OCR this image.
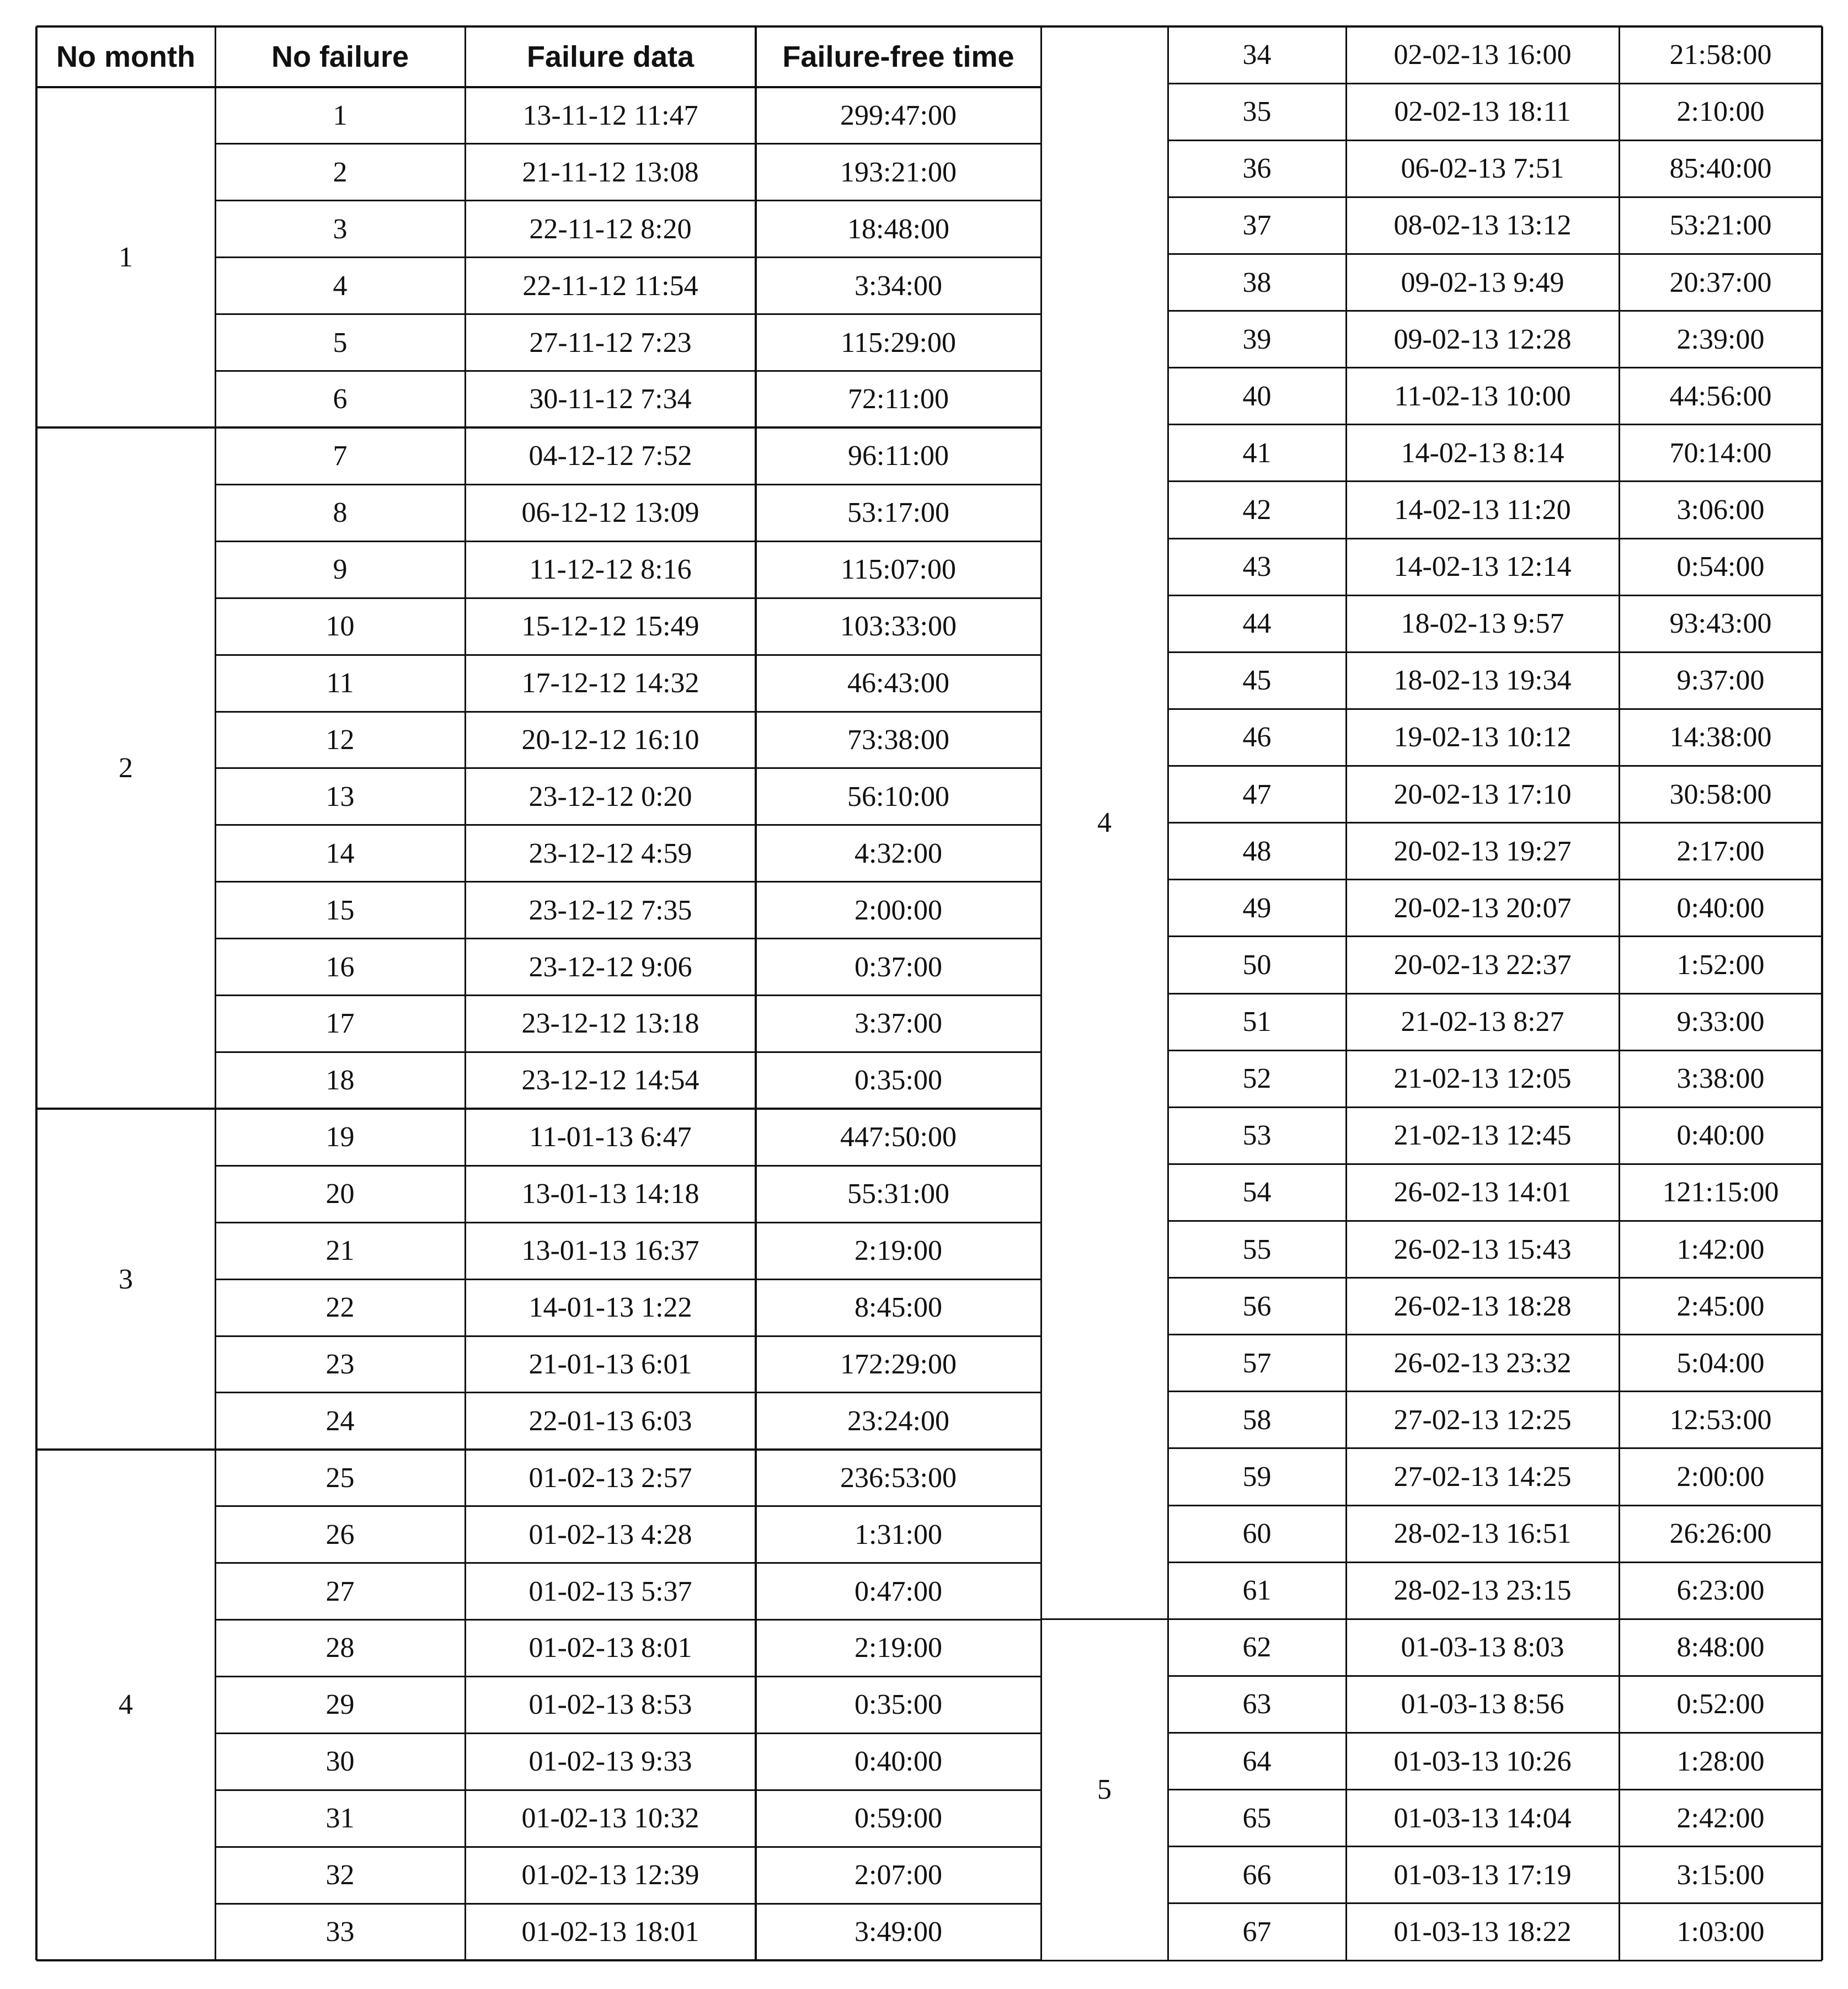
No month	No failure	Failure data	Failure-free time
1
1	13-11-12 11:47	299:47:00
2	21-11-12 13:08	193:21:00
3	22-11-12 8:20	18:48:00
4	22-11-12 11:54	3:34:00
5	27-11-12 7:23	115:29:00
6	30-11-12 7:34	72:11:00
2
7	04-12-12 7:52	96:11:00
8	06-12-12 13:09	53:17:00
9	11-12-12 8:16	115:07:00
10	15-12-12 15:49	103:33:00
11	17-12-12 14:32	46:43:00
12	20-12-12 16:10	73:38:00
13	23-12-12 0:20	56:10:00
14	23-12-12 4:59	4:32:00
15	23-12-12 7:35	2:00:00
16	23-12-12 9:06	0:37:00
17	23-12-12 13:18	3:37:00
18	23-12-12 14:54	0:35:00
3
19	11-01-13 6:47	447:50:00
20	13-01-13 14:18	55:31:00
21	13-01-13 16:37	2:19:00
22	14-01-13 1:22	8:45:00
23	21-01-13 6:01	172:29:00
24	22-01-13 6:03	23:24:00
4
25	01-02-13 2:57	236:53:00
26	01-02-13 4:28	1:31:00
27	01-02-13 5:37	0:47:00
28	01-02-13 8:01	2:19:00
29	01-02-13 8:53	0:35:00
30	01-02-13 9:33	0:40:00
31	01-02-13 10:32	0:59:00
32	01-02-13 12:39	2:07:00
33	01-02-13 18:01	3:49:00
4
34	02-02-13 16:00	21:58:00
35	02-02-13 18:11	2:10:00
36	06-02-13 7:51	85:40:00
37	08-02-13 13:12	53:21:00
38	09-02-13 9:49	20:37:00
39	09-02-13 12:28	2:39:00
40	11-02-13 10:00	44:56:00
41	14-02-13 8:14	70:14:00
42	14-02-13 11:20	3:06:00
43	14-02-13 12:14	0:54:00
44	18-02-13 9:57	93:43:00
45	18-02-13 19:34	9:37:00
46	19-02-13 10:12	14:38:00
47	20-02-13 17:10	30:58:00
48	20-02-13 19:27	2:17:00
49	20-02-13 20:07	0:40:00
50	20-02-13 22:37	1:52:00
51	21-02-13 8:27	9:33:00
52	21-02-13 12:05	3:38:00
53	21-02-13 12:45	0:40:00
54	26-02-13 14:01	121:15:00
55	26-02-13 15:43	1:42:00
56	26-02-13 18:28	2:45:00
57	26-02-13 23:32	5:04:00
58	27-02-13 12:25	12:53:00
59	27-02-13 14:25	2:00:00
60	28-02-13 16:51	26:26:00
61	28-02-13 23:15	6:23:00
5
62	01-03-13 8:03	8:48:00
63	01-03-13 8:56	0:52:00
64	01-03-13 10:26	1:28:00
65	01-03-13 14:04	2:42:00
66	01-03-13 17:19	3:15:00
67	01-03-13 18:22	1:03:00
